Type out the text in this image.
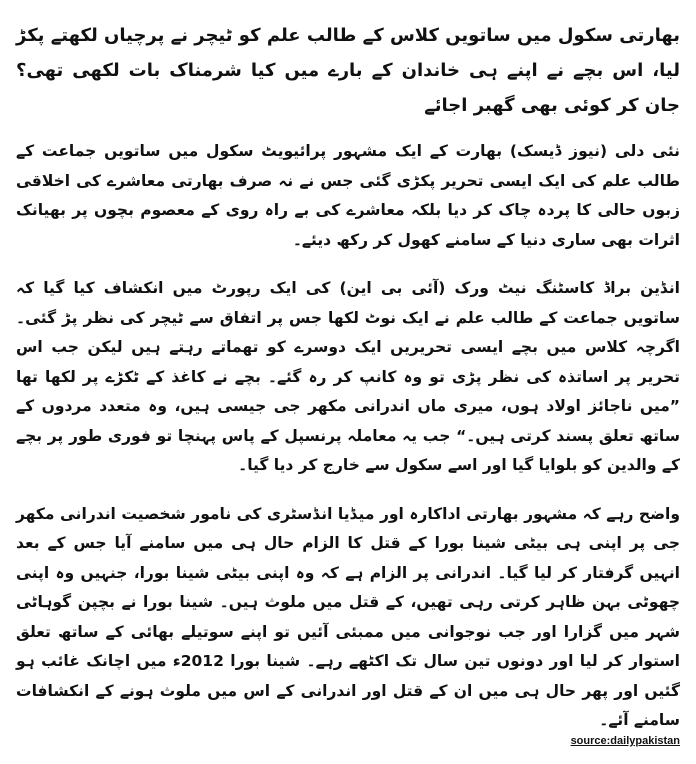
بھارتی سکول میں ساتویں کلاس کے طالب علم کو ٹیچر نے پرچیاں لکھتے پکڑ لیا، اس بچے نے اپنے ہی خاندان کے بارے میں کیا شرمناک بات لکھی تھی؟ جان کر کوئی بھی گھبر اجائے

نئی دلی (نیوز ڈیسک) بھارت کے ایک مشہور پرائیویٹ سکول میں ساتویں جماعت کے طالب علم کی ایک ایسی تحریر پکڑی گئی جس نے نہ صرف بھارتی معاشرے کی اخلاقی زبوں حالی کا پردہ چاک کر دیا بلکہ معاشرے کی بے راہ روی کے معصوم بچوں پر بھیانک اثرات بھی ساری دنیا کے سامنے کھول کر رکھ دیئے۔

انڈین براڈ کاسٹنگ نیٹ ورک (آئی بی این) کی ایک رپورٹ میں انکشاف کیا گیا کہ ساتویں جماعت کے طالب علم نے ایک نوٹ لکھا جس پر اتفاق سے ٹیچر کی نظر پڑ گئی۔ اگرچہ کلاس میں بچے ایسی تحریریں ایک دوسرے کو تھماتے رہتے ہیں لیکن جب اس تحریر پر اساتذہ کی نظر پڑی تو وہ کانپ کر رہ گئے۔ بچے نے کاغذ کے ٹکڑے پر لکھا تھا ”میں ناجائز اولاد ہوں، میری ماں اندرانی مکھر جی جیسی ہیں، وہ متعدد مردوں کے ساتھ تعلق پسند کرتی ہیں۔“ جب یہ معاملہ پرنسپل کے پاس پہنچا تو فوری طور پر بچے کے والدین کو بلوایا گیا اور اسے سکول سے خارج کر دیا گیا۔

واضح رہے کہ مشہور بھارتی اداکارہ اور میڈیا انڈسٹری کی نامور شخصیت اندرانی مکھر جی پر اپنی ہی بیٹی شینا بورا کے قتل کا الزام حال ہی میں سامنے آیا جس کے بعد انہیں گرفتار کر لیا گیا۔ اندرانی پر الزام ہے کہ وہ اپنی بیٹی شینا بورا، جنہیں وہ اپنی چھوٹی بہن ظاہر کرتی رہی تھیں، کے قتل میں ملوث ہیں۔ شینا بورا نے بچپن گوہاٹی شہر میں گزارا اور جب نوجوانی میں ممبئی آئیں تو اپنے سوتیلے بھائی کے ساتھ تعلق استوار کر لیا اور دونوں تین سال تک اکٹھے رہے۔ شینا بورا 2012ء میں اچانک غائب ہو گئیں اور پھر حال ہی میں ان کے قتل اور اندرانی کے اس میں ملوث ہونے کے انکشافات سامنے آئے۔

source:dailypakistan
